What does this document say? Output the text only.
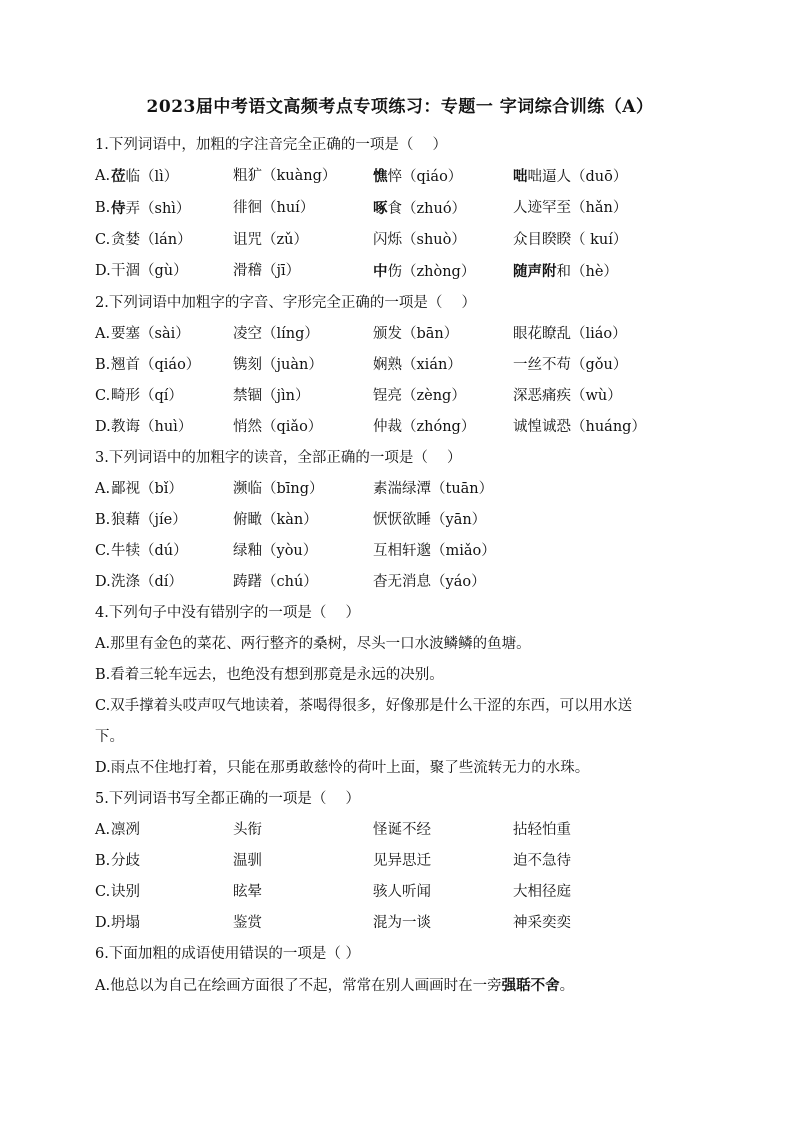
2023届中考语文高频考点专项练习：专题一 字词综合训练（A）

1.下列词语中，加粗的字注音完全正确的一项是（　 ）

A. 莅临（lì）	粗犷（kuàng）	憔悴（qiáo）	咄咄逼人（duō）
B. 侍弄（shì）	徘徊（huí）	啄食（zhuó）	人迹罕至（hǎn）
C. 贪婪（lán）	诅咒（zǔ）	闪烁（shuò）	众目睽睽（ kuí）
D. 干涸（gù）	滑稽（jī）	中伤（zhòng）	随声附和（hè）

2.下列词语中加粗字的字音、字形完全正确的一项是（　 ）

A. 要塞（sài）	凌空（líng）	颁发（bān）	眼花瞭乱（liáo）
B. 翘首（qiáo）	镌刻（juàn）	娴熟（xián）	一丝不苟（gǒu）
C. 畸形（qí）	禁锢（jìn）	锃亮（zèng）	深恶痛疾（wù）
D. 教诲（huì）	悄然（qiǎo）	仲裁（zhóng）	诚惶诚恐（huáng）

3.下列词语中的加粗字的读音，全部正确的一项是（　 ）

A. 鄙视（bǐ）	濒临（bīng）	素湍绿潭（tuān）
B. 狼藉（jíe）	俯瞰（kàn）	恹恹欲睡（yān）
C. 牛犊（dú）	绿釉（yòu）	互相轩邈（miǎo）
D. 洗涤（dí）	踌躇（chú）	杳无消息（yáo）

4.下列句子中没有错别字的一项是（　 ）

A.那里有金色的菜花、两行整齐的桑树，尽头一口水波鳞鳞的鱼塘。

B.看着三轮车远去，也绝没有想到那竟是永远的决别。

C.双手撑着头哎声叹气地读着，茶喝得很多，好像那是什么干涩的东西，可以用水送

下。

D.雨点不住地打着，只能在那勇敢慈怜的荷叶上面，聚了些流转无力的水珠。

5.下列词语书写全都正确的一项是（　 ）

A. 凛冽	头衔	怪诞不经	拈轻怕重
B. 分歧	温驯	见异思迁	迫不急待
C. 诀别	眩晕	骇人听闻	大相径庭
D. 坍塌	鉴赏	混为一谈	神采奕奕

6.下面加粗的成语使用错误的一项是（ ）

A.他总以为自己在绘画方面很了不起，常常在别人画画时在一旁强聒不舍。
